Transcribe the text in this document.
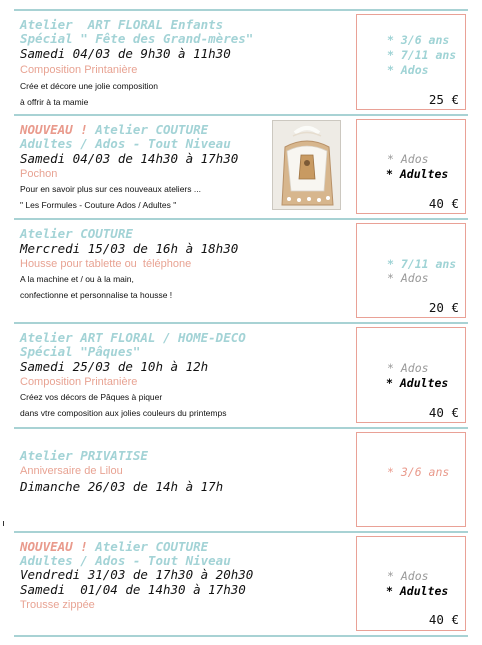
Atelier  ART FLORAL Enfants
Spécial " Fête des Grand-mères"
Samedi 04/03 de 9h30 à 11h30
Composition Printanière
Crée et décore une jolie composition
à offrir à ta mamie
* 3/6 ans
* 7/11 ans
* Ados
25 €
NOUVEAU ! Atelier COUTURE
Adultes / Ados - Tout Niveau
Samedi 04/03 de 14h30 à 17h30
Pochon
Pour en savoir plus sur ces nouveaux ateliers ...
" Les Formules - Couture Ados / Adultes "
* Ados
* Adultes
40 €
Atelier COUTURE
Mercredi 15/03 de 16h à 18h30
Housse pour tablette ou  téléphone
A la machine et / ou à la main,
confectionne et personnalise ta housse !
* 7/11 ans
* Ados
20 €
Atelier ART FLORAL / HOME-DECO
Spécial "Pâques"
Samedi 25/03 de 10h à 12h
Composition Printanière
Créez vos décors de Pâques à piquer
dans vtre composition aux jolies couleurs du printemps
* Ados
* Adultes
40 €
Atelier PRIVATISE
Anniversaire de Lilou
Dimanche 26/03 de 14h à 17h
* 3/6 ans
NOUVEAU ! Atelier COUTURE
Adultes / Ados - Tout Niveau
Vendredi 31/03 de 17h30 à 20h30
Samedi  01/04 de 14h30 à 17h30
Trousse zippée
* Ados
* Adultes
40 €
